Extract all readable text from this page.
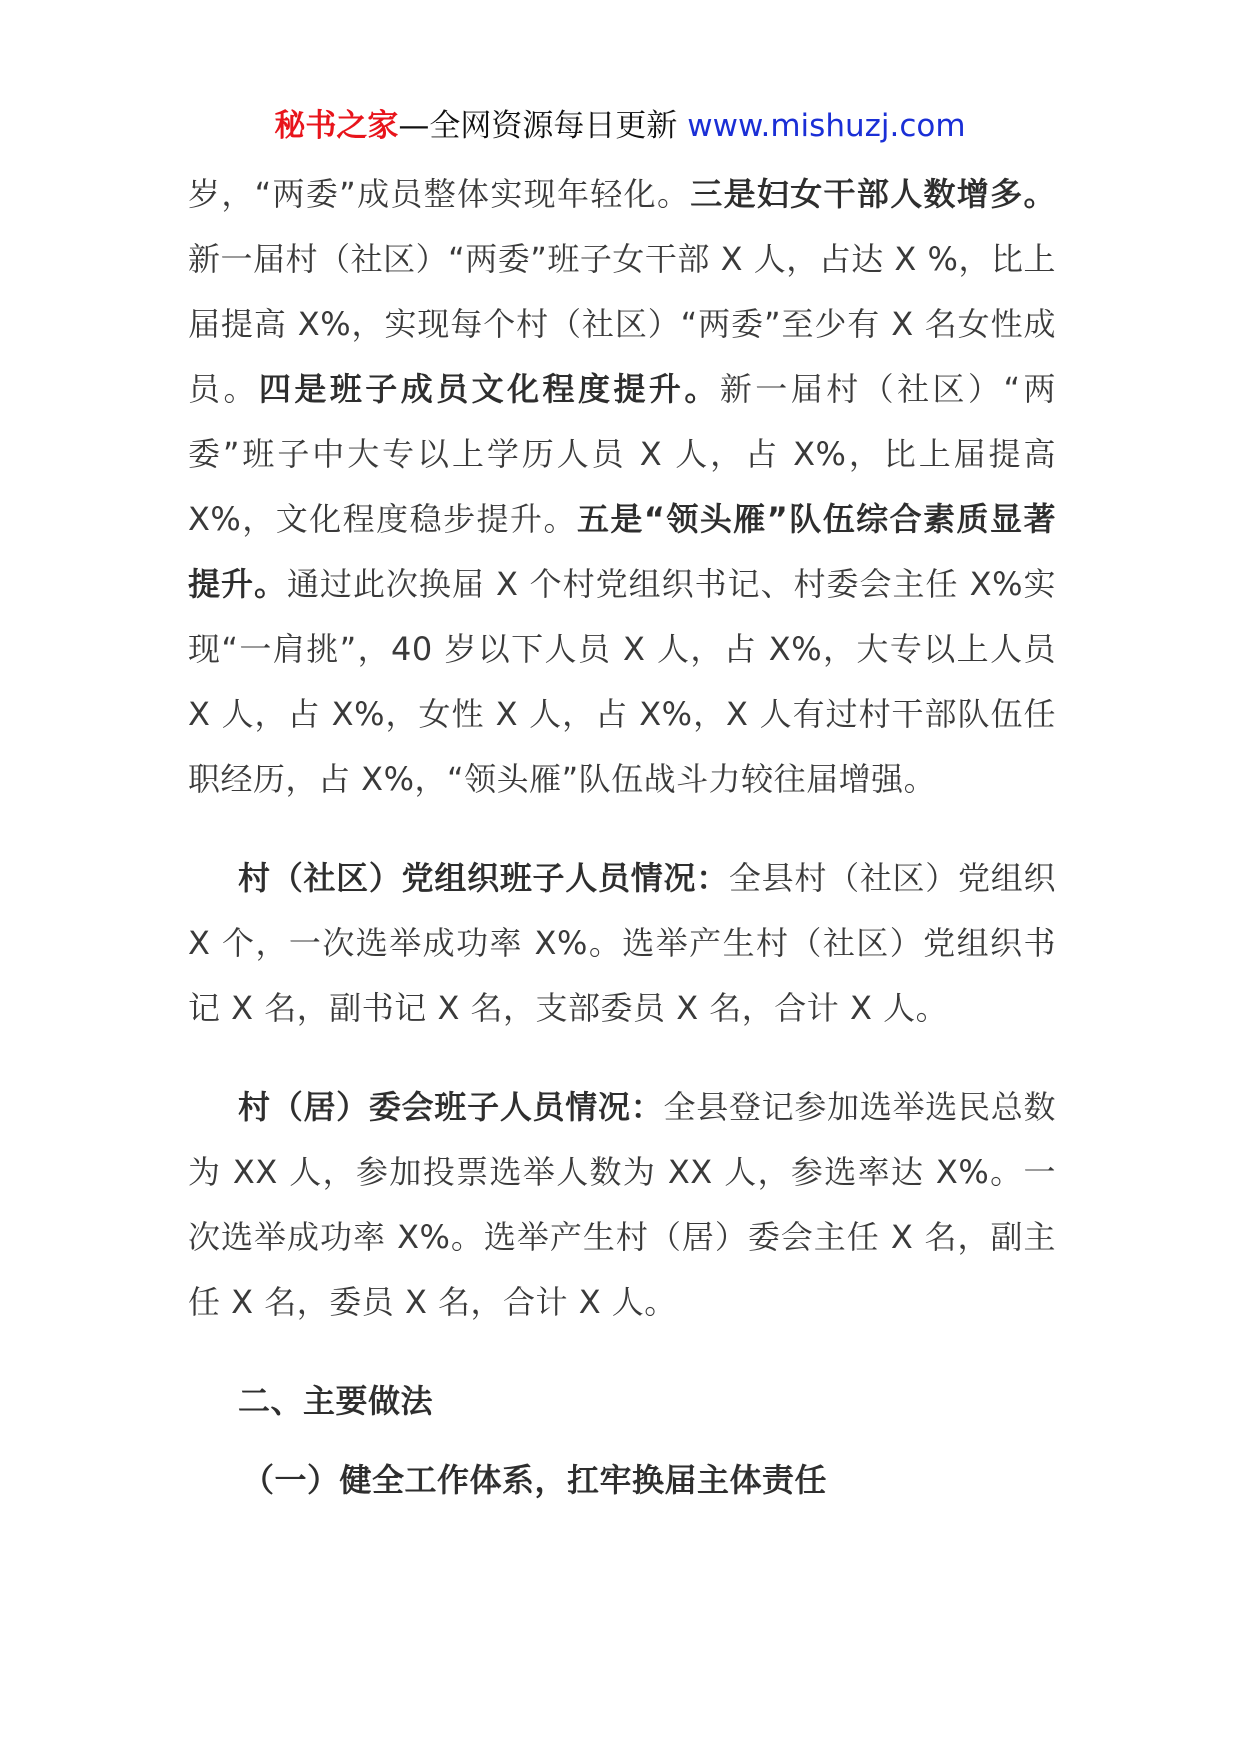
秘书之家—全网资源每日更新 www.mishuzj.com

岁，“两委”成员整体实现年轻化。三是妇女干部人数增多。新一届村（社区）“两委”班子女干部 X 人，占达 X %，比上届提高 X%，实现每个村（社区）“两委”至少有 X 名女性成员。四是班子成员文化程度提升。新一届村（社区）“两委”班子中大专以上学历人员 X 人，占 X%，比上届提高 X%，文化程度稳步提升。五是“领头雁”队伍综合素质显著提升。通过此次换届 X 个村党组织书记、村委会主任 X%实现“一肩挑”，40 岁以下人员 X 人，占 X%，大专以上人员 X 人，占 X%，女性 X 人，占 X%，X 人有过村干部队伍任职经历，占 X%，“领头雁”队伍战斗力较往届增强。

村（社区）党组织班子人员情况：全县村（社区）党组织 X 个，一次选举成功率 X%。选举产生村（社区）党组织书记 X 名，副书记 X 名，支部委员 X 名，合计 X 人。

村（居）委会班子人员情况：全县登记参加选举选民总数为 XX 人，参加投票选举人数为 XX 人，参选率达 X%。一次选举成功率 X%。选举产生村（居）委会主任 X 名，副主任 X 名，委员 X 名，合计 X 人。

二、主要做法

（一）健全工作体系，扛牢换届主体责任
